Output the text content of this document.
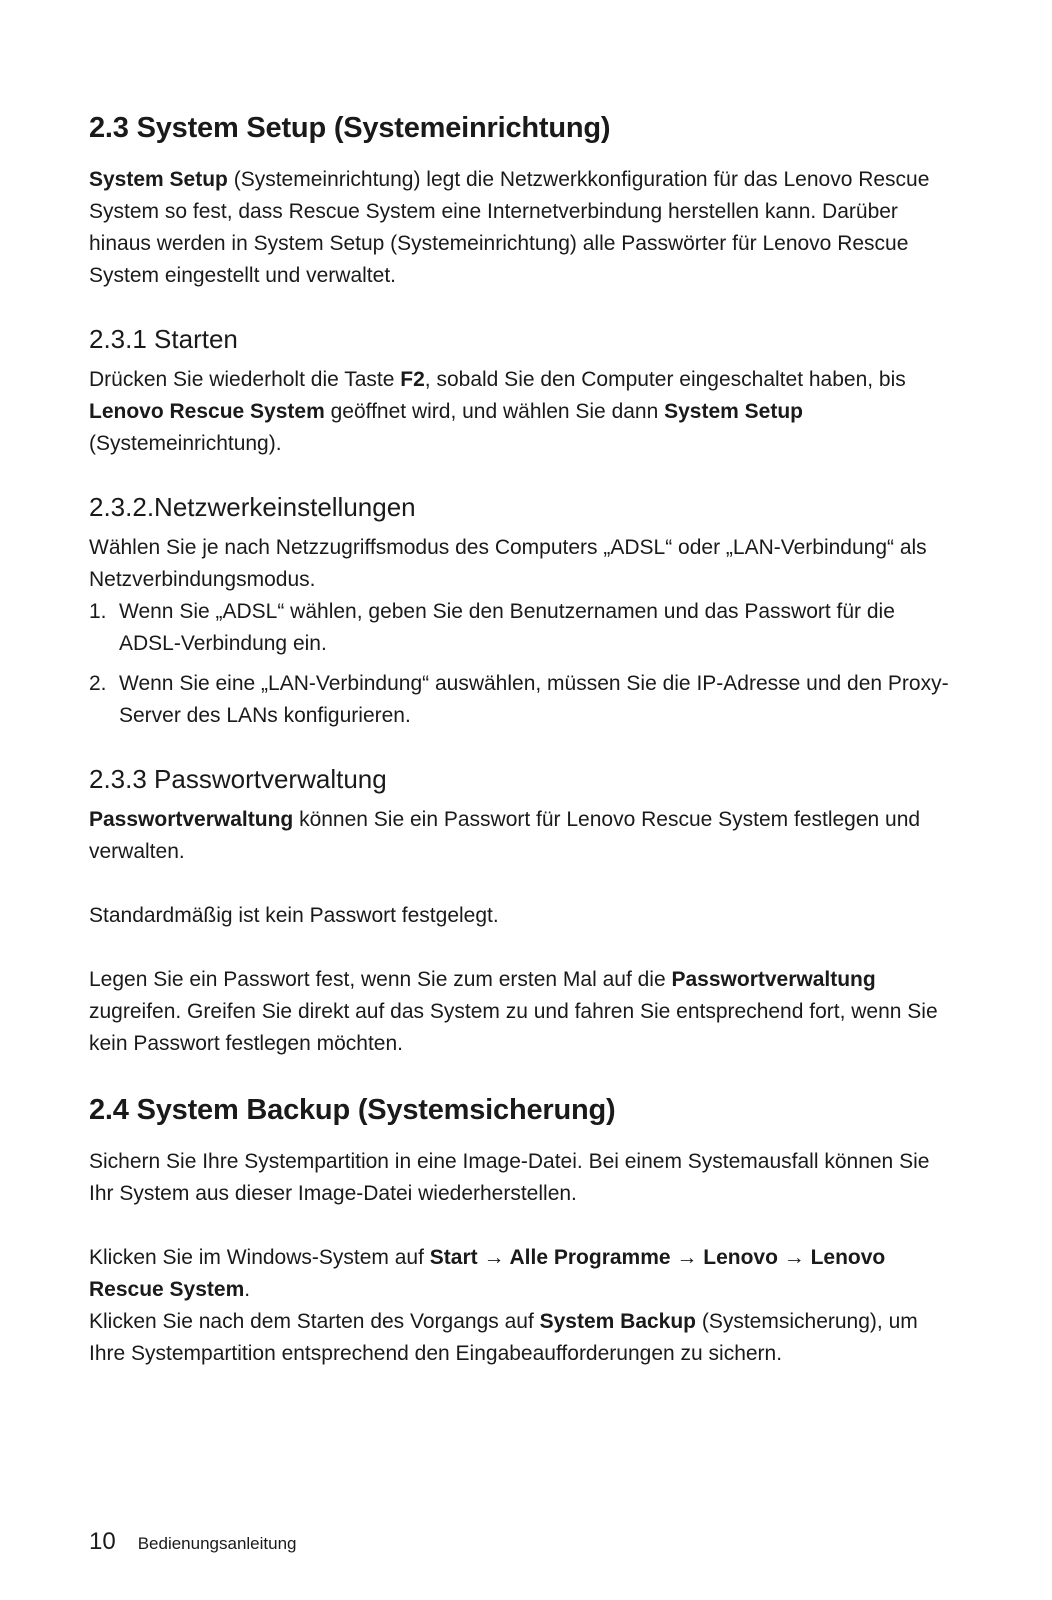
2.3 System Setup (Systemeinrichtung)

System Setup (Systemeinrichtung) legt die Netzwerkkonfiguration für das Lenovo Rescue System so fest, dass Rescue System eine Internetverbindung herstellen kann. Darüber hinaus werden in System Setup (Systemeinrichtung) alle Passwörter für Lenovo Rescue System eingestellt und verwaltet.

2.3.1 Starten

Drücken Sie wiederholt die Taste F2, sobald Sie den Computer eingeschaltet haben, bis Lenovo Rescue System geöffnet wird, und wählen Sie dann System Setup (Systemeinrichtung).

2.3.2.Netzwerkeinstellungen

Wählen Sie je nach Netzzugriffsmodus des Computers „ADSL“ oder „LAN-Verbindung“ als Netzverbindungsmodus.

1. Wenn Sie „ADSL“ wählen, geben Sie den Benutzernamen und das Passwort für die ADSL-Verbindung ein.
2. Wenn Sie eine „LAN-Verbindung“ auswählen, müssen Sie die IP-Adresse und den Proxy-Server des LANs konfigurieren.
2.3.3 Passwortverwaltung

Passwortverwaltung können Sie ein Passwort für Lenovo Rescue System festlegen und verwalten.

Standardmäßig ist kein Passwort festgelegt.

Legen Sie ein Passwort fest, wenn Sie zum ersten Mal auf die Passwortverwaltung zugreifen. Greifen Sie direkt auf das System zu und fahren Sie entsprechend fort, wenn Sie kein Passwort festlegen möchten.

2.4 System Backup (Systemsicherung)

Sichern Sie Ihre Systempartition in eine Image-Datei. Bei einem Systemausfall können Sie Ihr System aus dieser Image-Datei wiederherstellen.

Klicken Sie im Windows-System auf Start → Alle Programme → Lenovo → Lenovo Rescue System.

Klicken Sie nach dem Starten des Vorgangs auf System Backup (Systemsicherung), um Ihre Systempartition entsprechend den Eingabeaufforderungen zu sichern.

10 Bedienungsanleitung
